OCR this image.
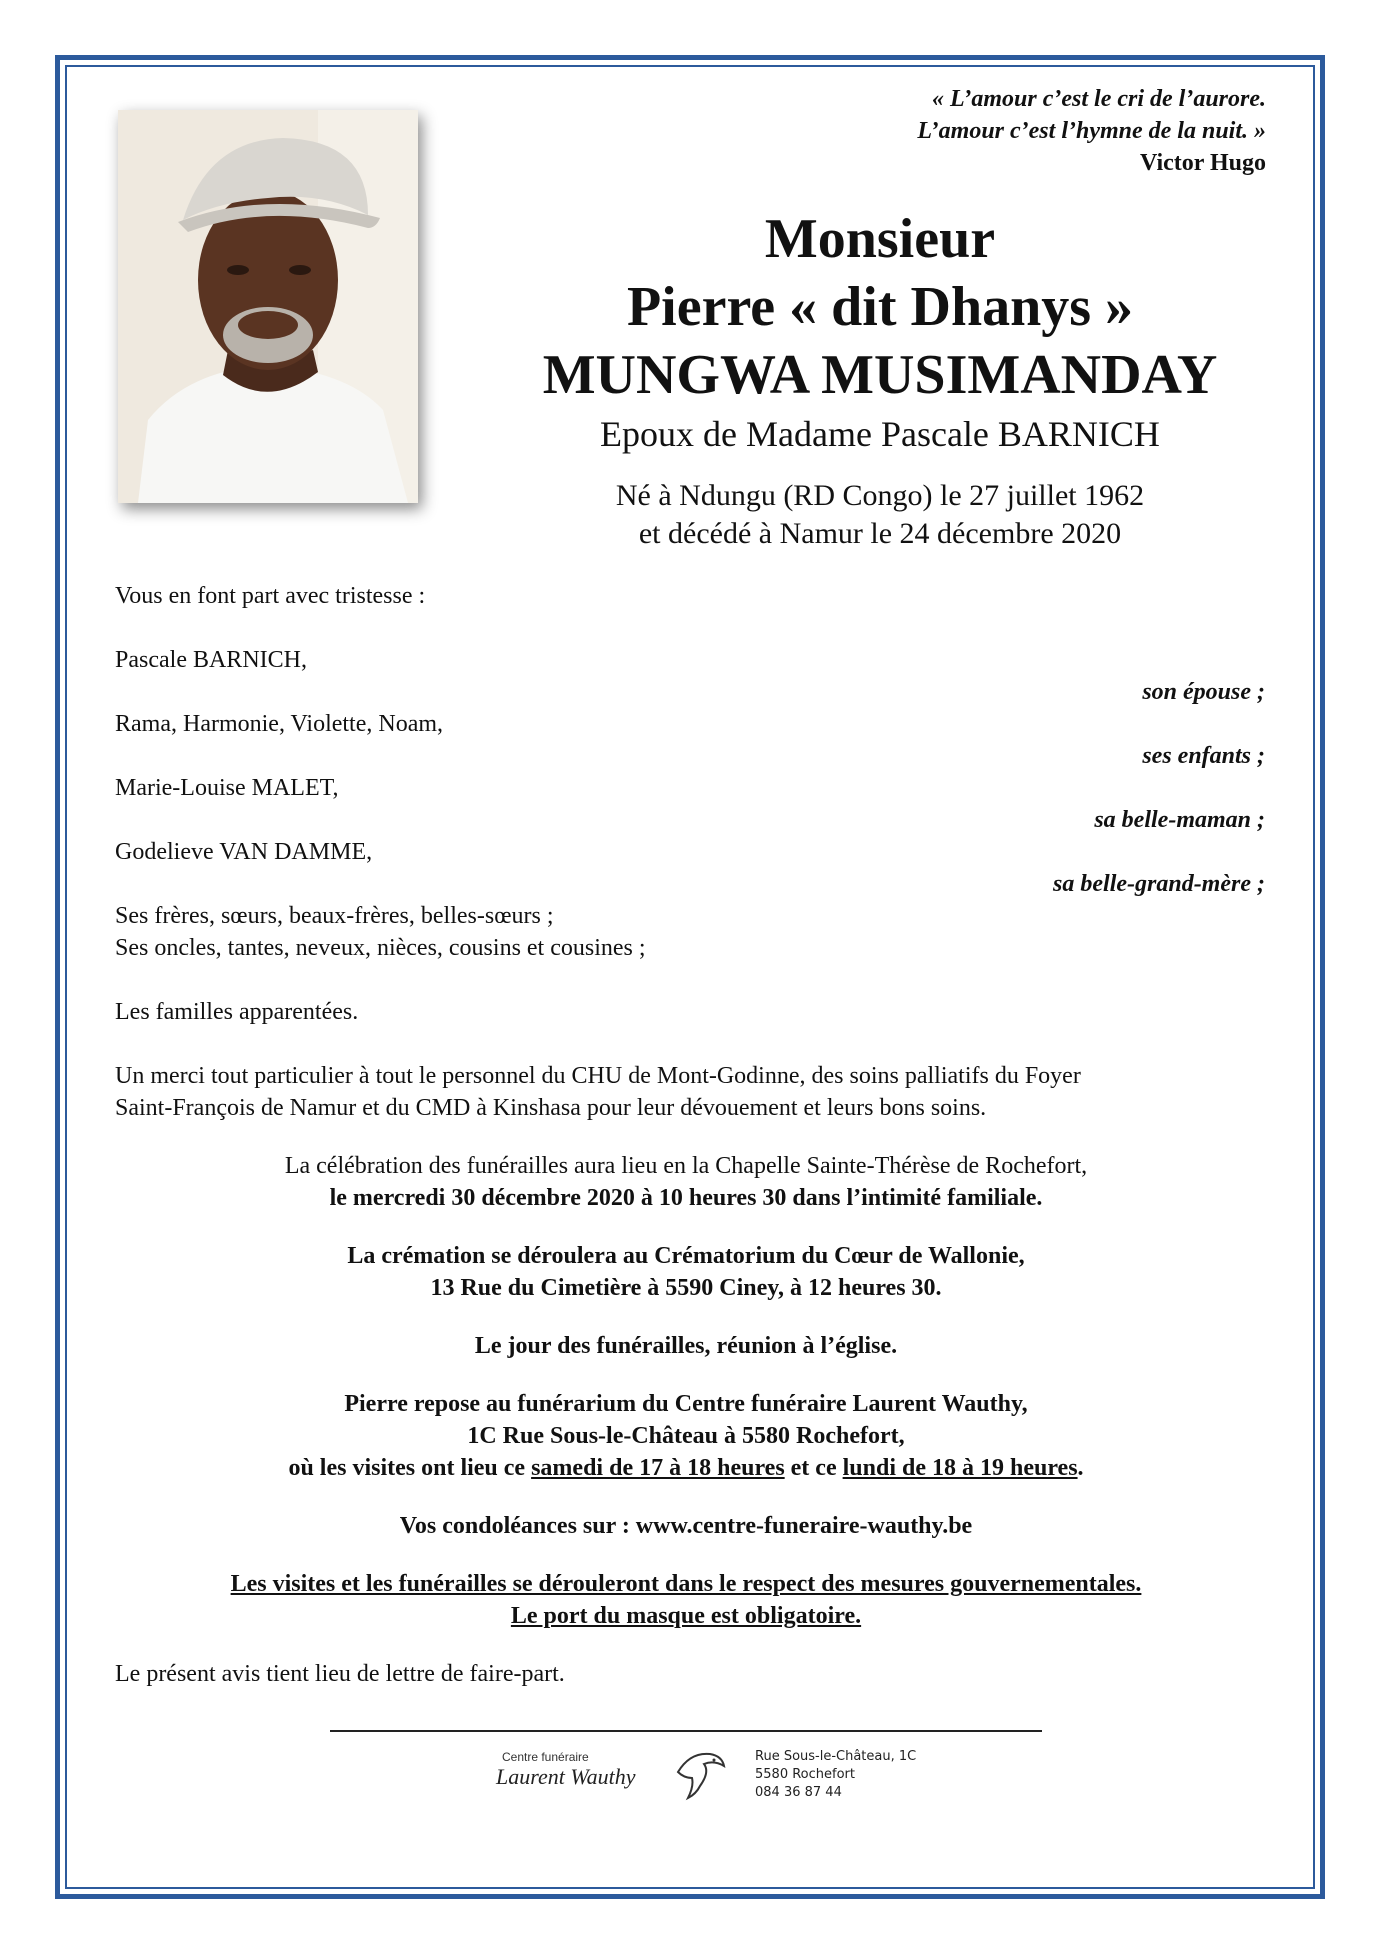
« L’amour c’est le cri de l’aurore.
L’amour c’est l’hymne de la nuit. »
Victor Hugo
Monsieur
Pierre « dit Dhanys »
MUNGWA MUSIMANDAY
Epoux de Madame Pascale BARNICH
Né à Ndungu (RD Congo) le 27 juillet 1962
et décédé à Namur le 24 décembre 2020

Vous en font part avec tristesse :

Pascale BARNICH,
son épouse ;
Rama, Harmonie, Violette, Noam,
ses enfants ;
Marie-Louise MALET,
sa belle-maman ;
Godelieve VAN DAMME,
sa belle-grand-mère ;

Ses frères, sœurs, beaux-frères, belles-sœurs ;

Ses oncles, tantes, neveux, nièces, cousins et cousines ;

Les familles apparentées.

Un merci tout particulier à tout le personnel du CHU de Mont-Godinne, des soins palliatifs du Foyer

Saint-François de Namur et du CMD à Kinshasa pour leur dévouement et leurs bons soins.

La célébration des funérailles aura lieu en la Chapelle Sainte-Thérèse de Rochefort,

le mercredi 30 décembre 2020 à 10 heures 30 dans l’intimité familiale.

La crémation se déroulera au Crématorium du Cœur de Wallonie,

13 Rue du Cimetière à 5590 Ciney, à 12 heures 30.

Le jour des funérailles, réunion à l’église.

Pierre repose au funérarium du Centre funéraire Laurent Wauthy,

1C Rue Sous-le-Château à 5580 Rochefort,

où les visites ont lieu ce samedi de 17 à 18 heures et ce lundi de 18 à 19 heures.

Vos condoléances sur : www.centre-funeraire-wauthy.be

Les visites et les funérailles se dérouleront dans le respect des mesures gouvernementales.

Le port du masque est obligatoire.

Le présent avis tient lieu de lettre de faire-part.

Centre funéraire
Laurent Wauthy
Rue Sous-le-Château, 1C
5580 Rochefort
084 36 87 44
